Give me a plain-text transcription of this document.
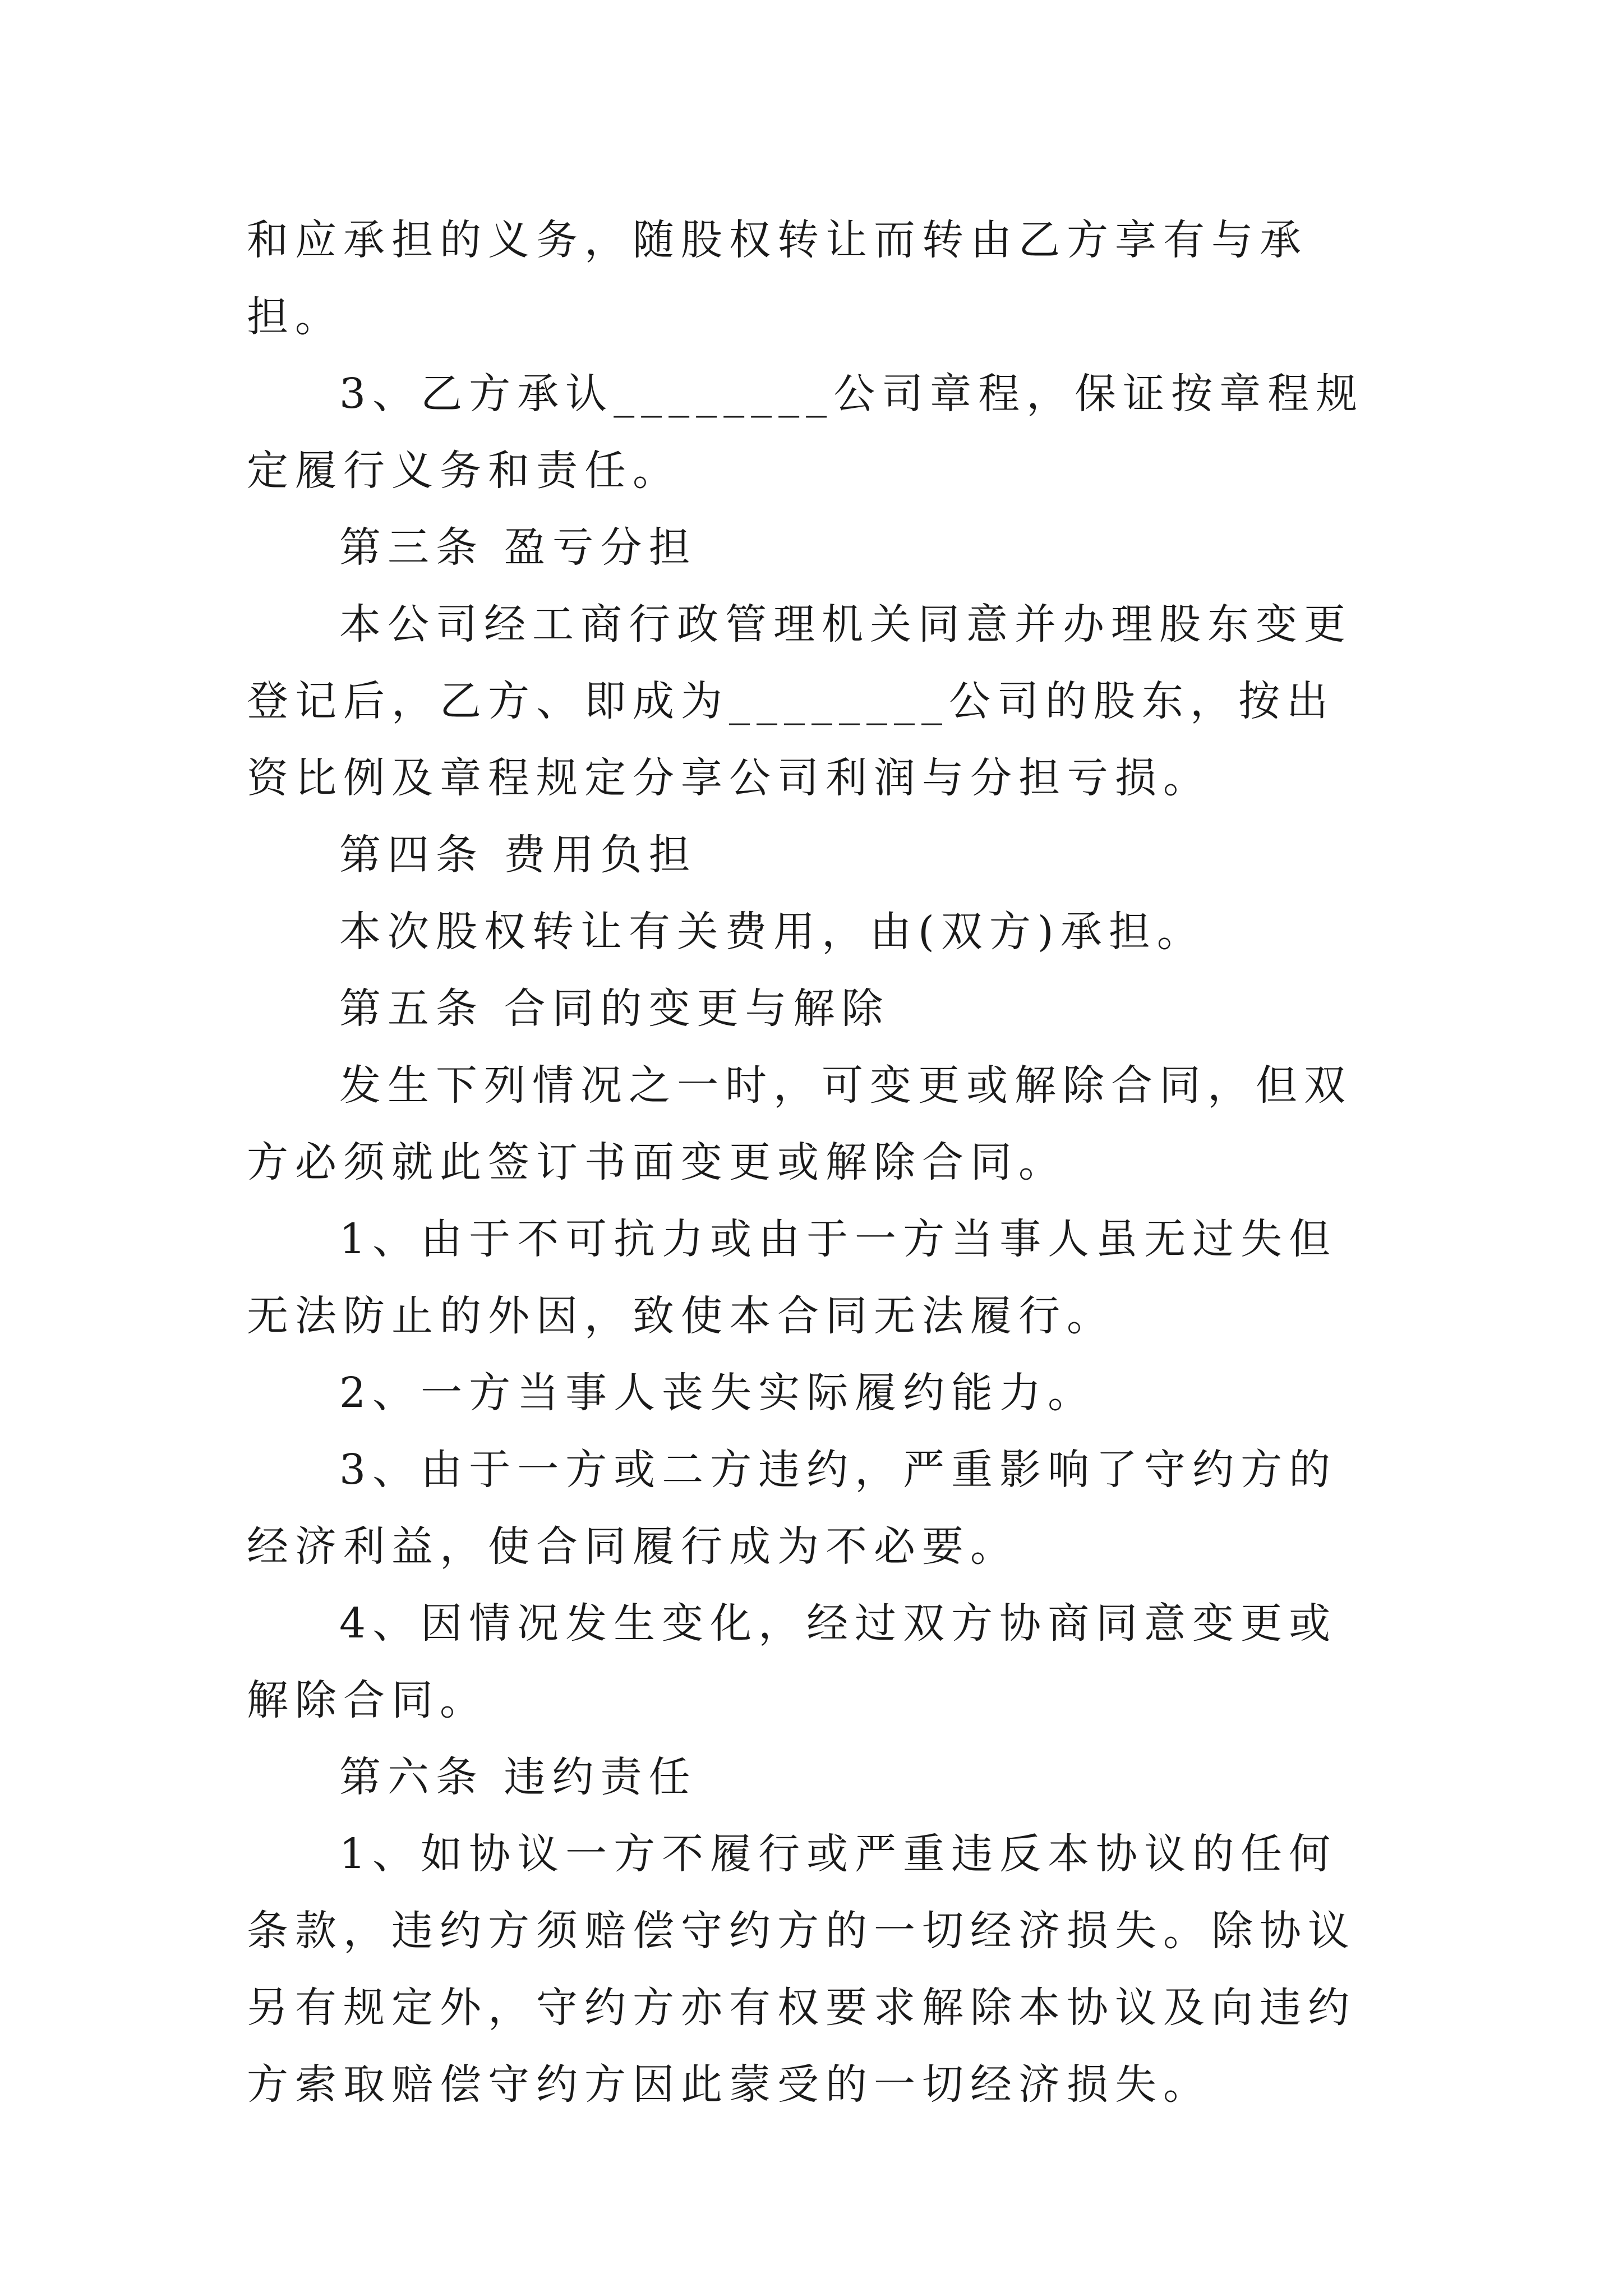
和应承担的义务，随股权转让而转由乙方享有与承担。

3、乙方承认________公司章程，保证按章程规定履行义务和责任。

第三条 盈亏分担

本公司经工商行政管理机关同意并办理股东变更登记后，乙方、即成为________公司的股东，按出资比例及章程规定分享公司利润与分担亏损。

第四条 费用负担

本次股权转让有关费用，由(双方)承担。

第五条 合同的变更与解除

发生下列情况之一时，可变更或解除合同，但双方必须就此签订书面变更或解除合同。

1、由于不可抗力或由于一方当事人虽无过失但无法防止的外因，致使本合同无法履行。

2、一方当事人丧失实际履约能力。

3、由于一方或二方违约，严重影响了守约方的经济利益，使合同履行成为不必要。

4、因情况发生变化，经过双方协商同意变更或解除合同。

第六条 违约责任

1、如协议一方不履行或严重违反本协议的任何条款，违约方须赔偿守约方的一切经济损失。除协议另有规定外，守约方亦有权要求解除本协议及向违约方索取赔偿守约方因此蒙受的一切经济损失。
